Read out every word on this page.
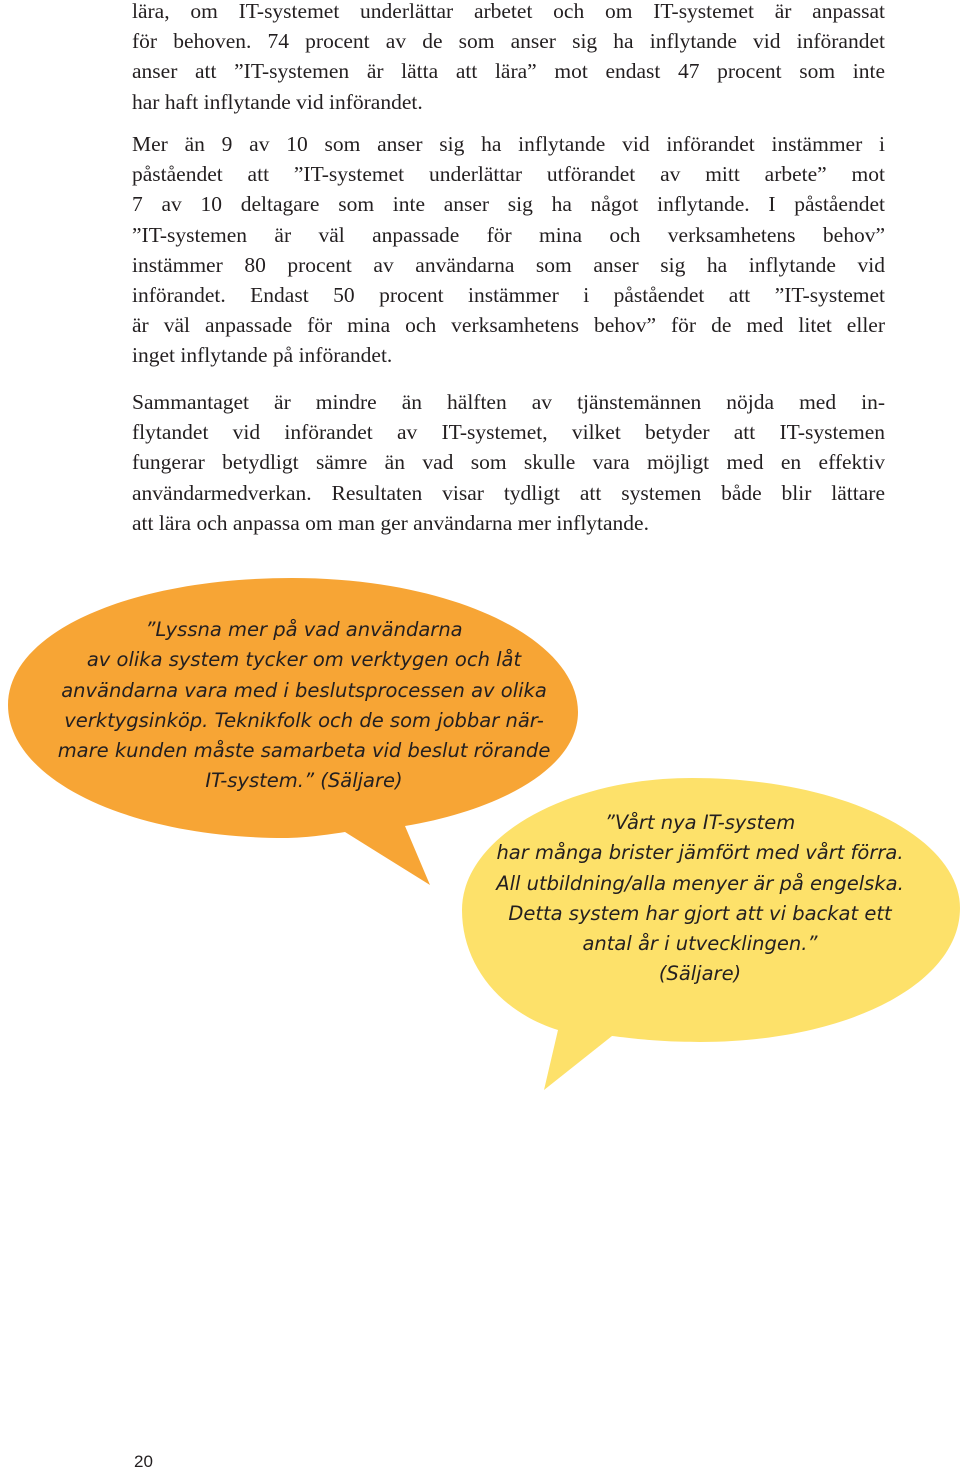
lära, om IT-systemet underlättar arbetet och om IT-systemet är anpassat
för behoven. 74 procent av de som anser sig ha inflytande vid införandet
anser att ”IT-systemen är lätta att lära” mot endast 47 procent som inte
har haft inflytande vid införandet.
Mer än 9 av 10 som anser sig ha inflytande vid införandet instämmer i
påståendet att ”IT-systemet underlättar utförandet av mitt arbete” mot
7 av 10 deltagare som inte anser sig ha något inflytande. I påståendet
”IT-systemen är väl anpassade för mina och verksamhetens behov”
instämmer 80 procent av användarna som anser sig ha inflytande vid
införandet. Endast 50 procent instämmer i påståendet att ”IT-systemet
är väl anpassade för mina och verksamhetens behov” för de med litet eller
inget inflytande på införandet.
Sammantaget är mindre än hälften av tjänstemännen nöjda med in-
flytandet vid införandet av IT-systemet, vilket betyder att IT-systemen
fungerar betydligt sämre än vad som skulle vara möjligt med en effektiv
användarmedverkan. Resultaten visar tydligt att systemen både blir lättare
att lära och anpassa om man ger användarna mer inflytande.
”Lyssna mer på vad användarna
av olika system tycker om verktygen och låt
användarna vara med i beslutsprocessen av olika
verktygsinköp. Teknikfolk och de som jobbar när-
mare kunden måste samarbeta vid beslut rörande
IT-system.” (Säljare)
”Vårt nya IT-system
har många brister jämfört med vårt förra.
All utbildning/alla menyer är på engelska.
Detta system har gjort att vi backat ett
antal år i utvecklingen.”
(Säljare)
20
